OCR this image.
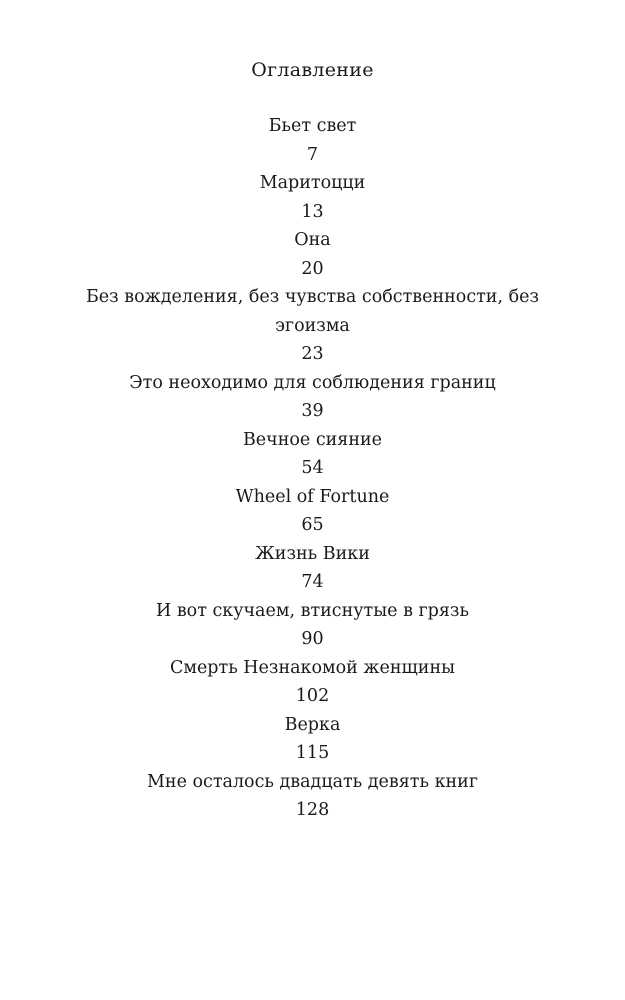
Оглавление
Бьет свет
7
Маритоцци
13
Она
20
Без вожделения, без чувства собственности, без эгоизма
23
Это неоходимо для соблюдения границ
39
Вечное сияние
54
Wheel of Fortune
65
Жизнь Вики
74
И вот скучаем, втиснутые в грязь
90
Смерть Незнакомой женщины
102
Верка
115
Мне осталось двадцать девять книг
128
